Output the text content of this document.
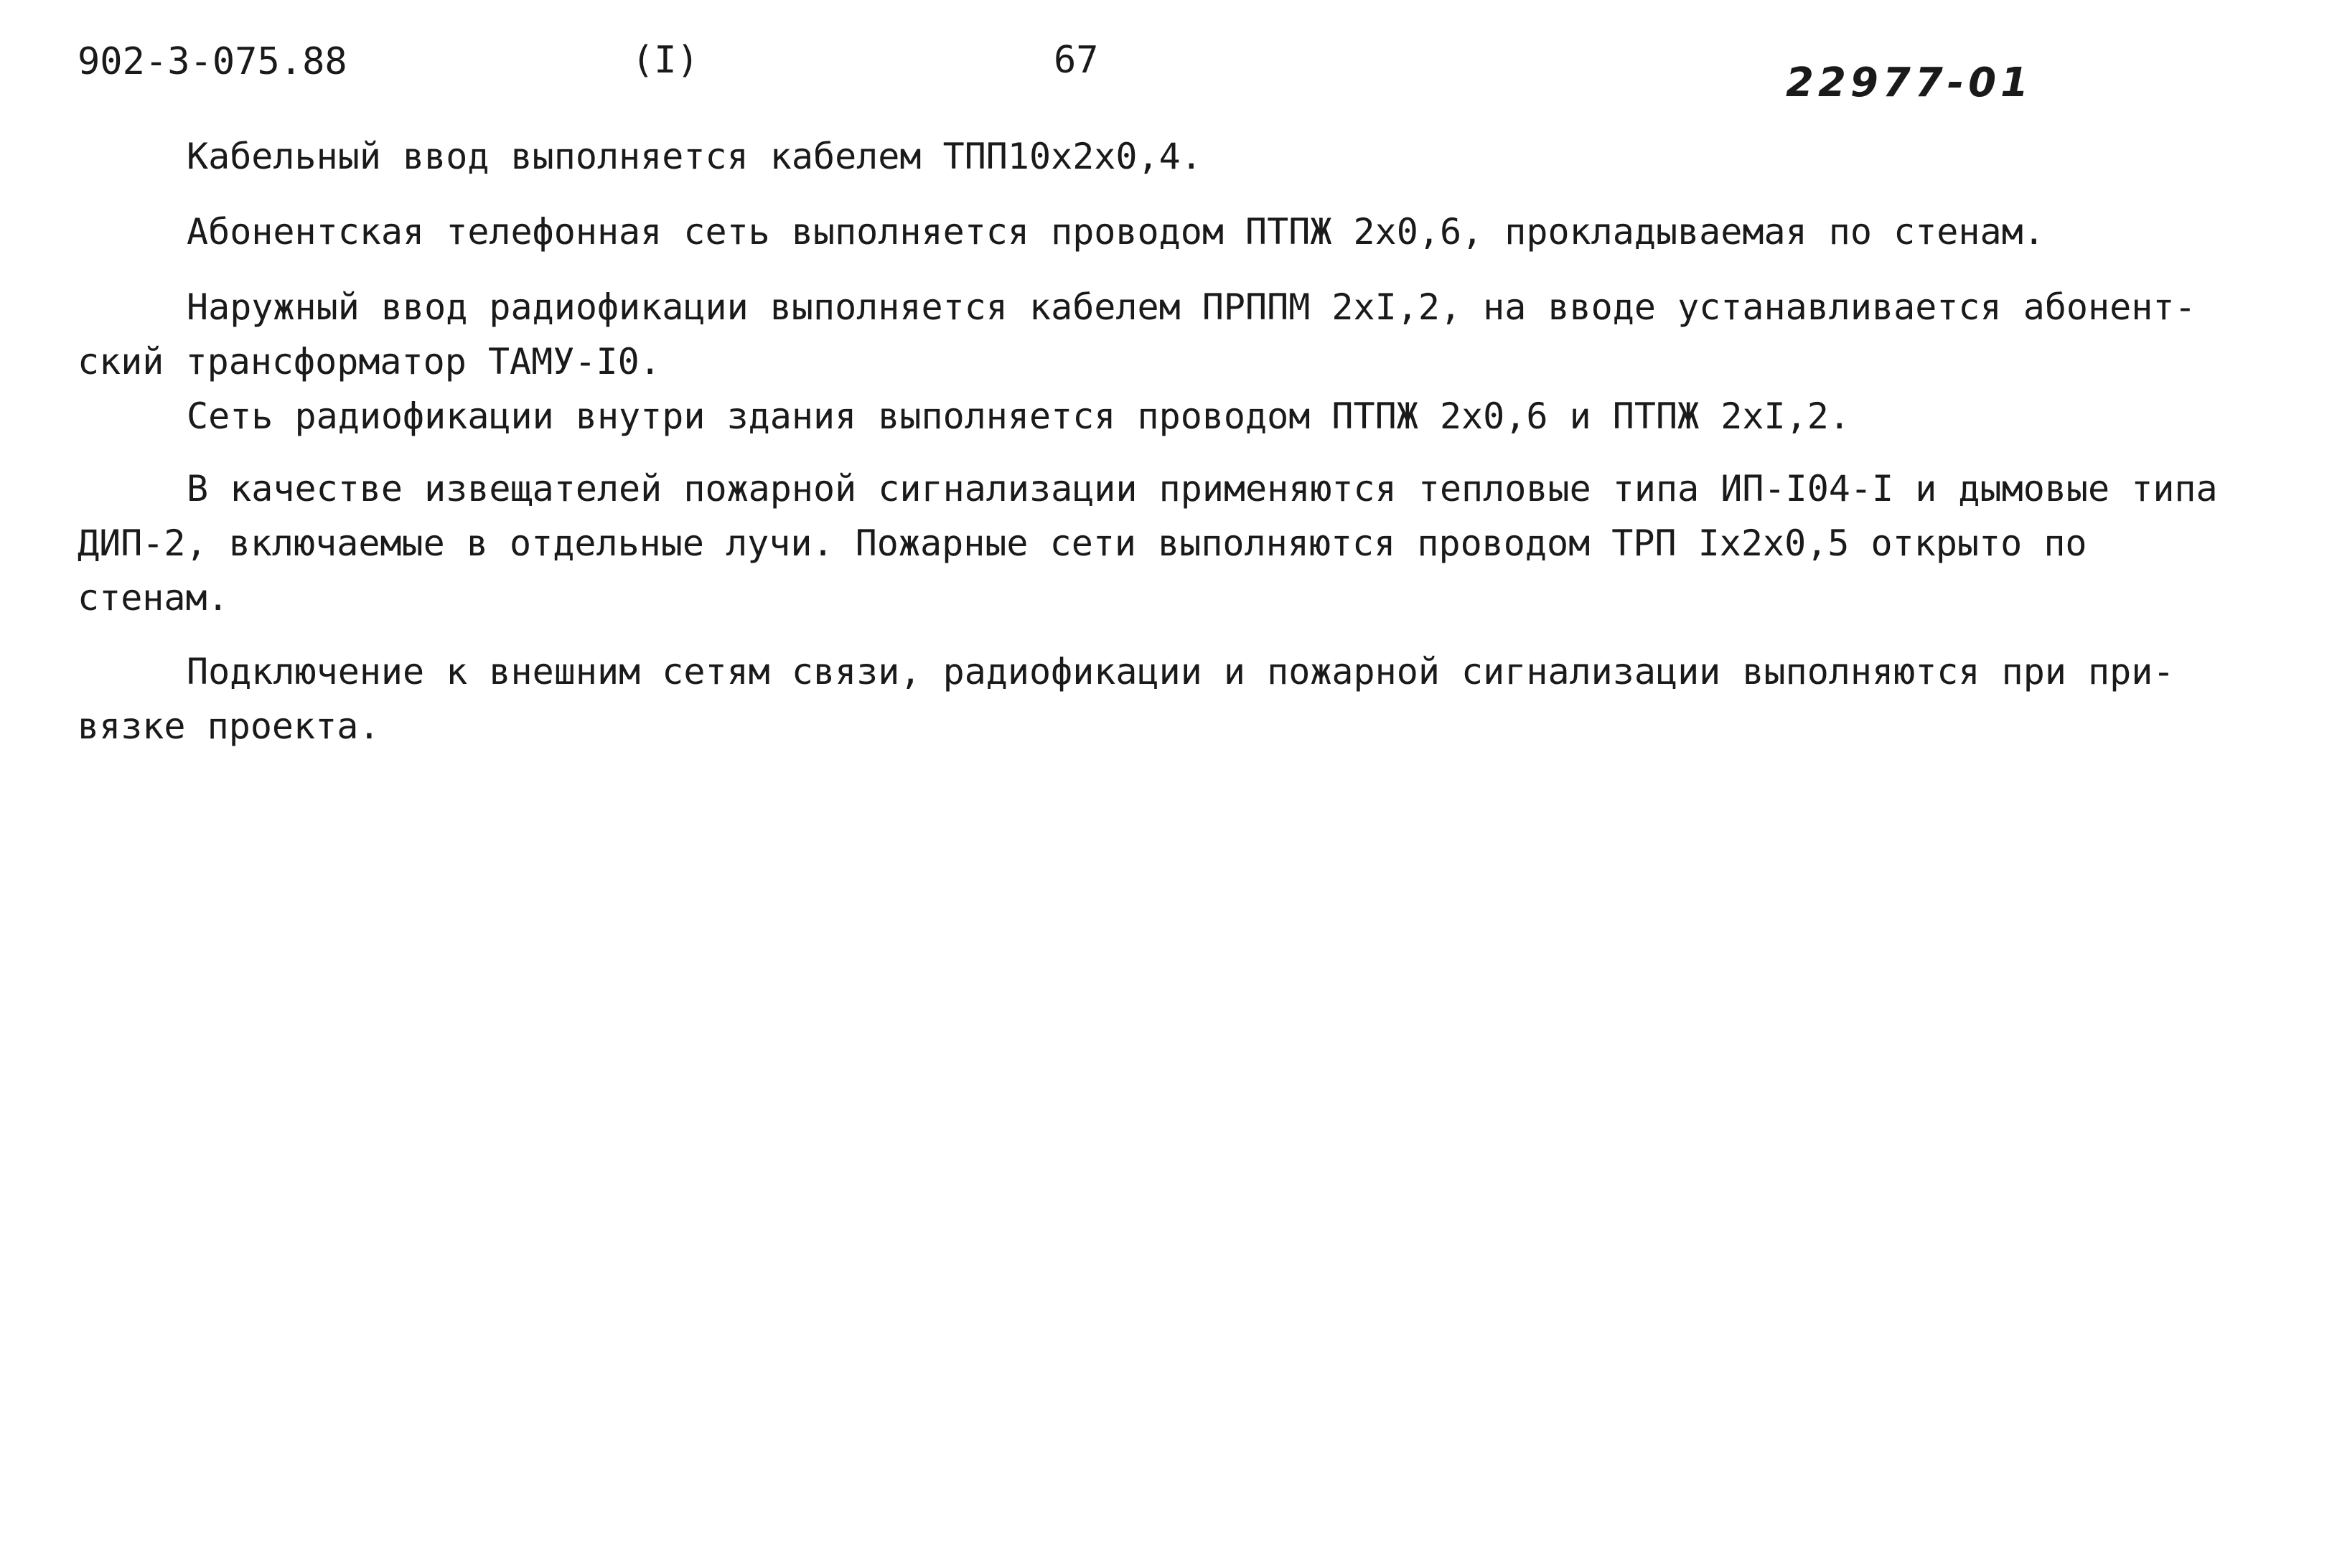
902-3-075.88	(I)	67	22977-01
Кабельный ввод выполняется кабелем ТПП10х2х0,4.
Абонентская телефонная сеть выполняется проводом ПТПЖ 2х0,6, прокладываемая по стенам.
Наружный ввод радиофикации выполняется кабелем ПРППМ 2хI,2, на вводе устанавливается абонент-
ский трансформатор ТАМУ-I0.
Сеть радиофикации внутри здания выполняется проводом ПТПЖ 2х0,6 и ПТПЖ 2хI,2.
В качестве извещателей пожарной сигнализации применяются тепловые типа ИП-I04-I и дымовые типа
ДИП-2, включаемые в отдельные лучи. Пожарные сети выполняются проводом ТРП Iх2х0,5 открыто по
стенам.
Подключение к внешним сетям связи, радиофикации и пожарной сигнализации выполняются при при-
вязке проекта.
